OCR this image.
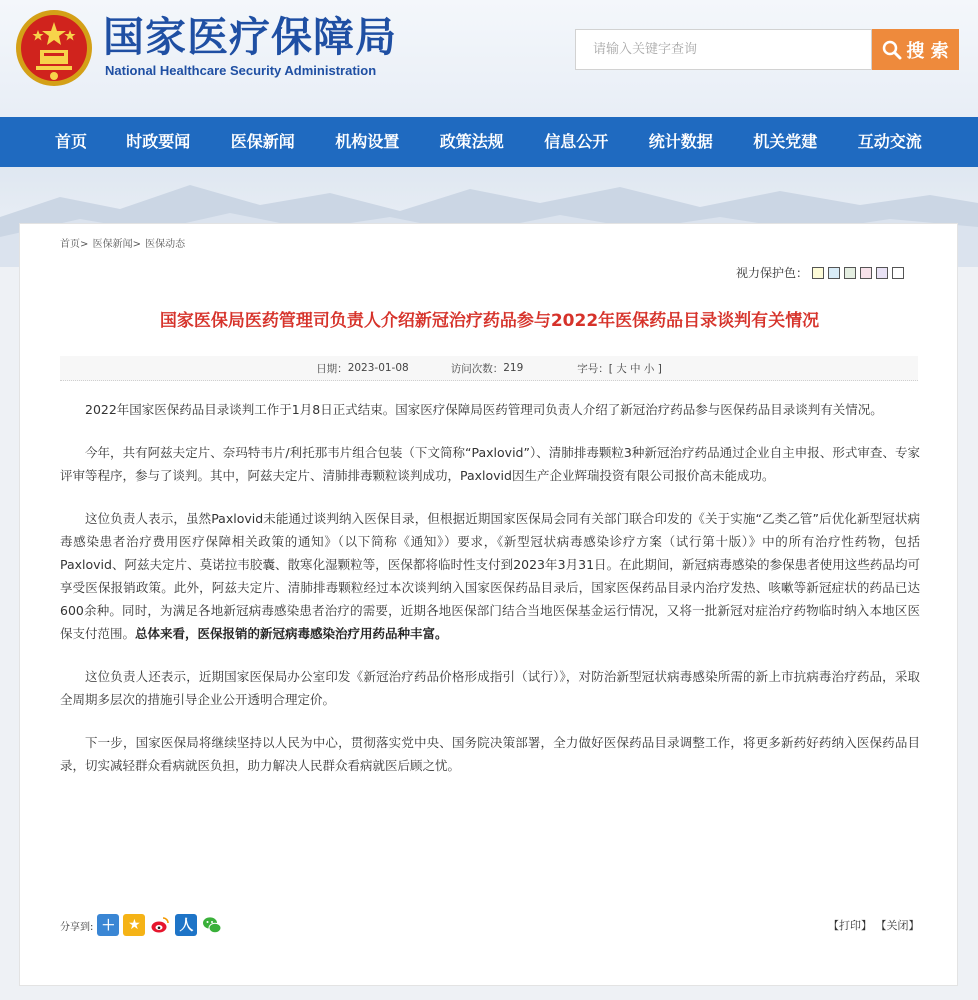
国家医疗保障局
National Healthcare Security Administration
请输入关键字查询
搜 索
首页	时政要闻	医保新闻	机构设置	政策法规	信息公开	统计数据	机关党建	互动交流
首页> 医保新闻> 医保动态
视力保护色：
国家医保局医药管理司负责人介绍新冠治疗药品参与2022年医保药品目录谈判有关情况
日期： 2023-01-08	访问次数： 219	字号： [ 大 中 小 ]

2022年国家医保药品目录谈判工作于1月8日正式结束。国家医疗保障局医药管理司负责人介绍了新冠治疗药品参与医保药品目录谈判有关情况。

今年，共有阿兹夫定片、奈玛特韦片/利托那韦片组合包装（下文简称“Paxlovid”）、清肺排毒颗粒3种新冠治疗药品通过企业自主申报、形式审查、专家评审等程序，参与了谈判。其中，阿兹夫定片、清肺排毒颗粒谈判成功，Paxlovid因生产企业辉瑞投资有限公司报价高未能成功。

这位负责人表示，虽然Paxlovid未能通过谈判纳入医保目录，但根据近期国家医保局会同有关部门联合印发的《关于实施“乙类乙管”后优化新型冠状病毒感染患者治疗费用医疗保障相关政策的通知》（以下简称《通知》）要求，《新型冠状病毒感染诊疗方案（试行第十版）》中的所有治疗性药物，包括Paxlovid、阿兹夫定片、莫诺拉韦胶囊、散寒化湿颗粒等，医保都将临时性支付到2023年3月31日。在此期间，新冠病毒感染的参保患者使用这些药品均可享受医保报销政策。此外，阿兹夫定片、清肺排毒颗粒经过本次谈判纳入国家医保药品目录后，国家医保药品目录内治疗发热、咳嗽等新冠症状的药品已达600余种。同时，为满足各地新冠病毒感染患者治疗的需要，近期各地医保部门结合当地医保基金运行情况，又将一批新冠对症治疗药物临时纳入本地区医保支付范围。总体来看，医保报销的新冠病毒感染治疗用药品种丰富。

这位负责人还表示，近期国家医保局办公室印发《新冠治疗药品价格形成指引（试行）》，对防治新型冠状病毒感染所需的新上市抗病毒治疗药品，采取全周期多层次的措施引导企业公开透明合理定价。

下一步，国家医保局将继续坚持以人民为中心，贯彻落实党中央、国务院决策部署，全力做好医保药品目录调整工作，将更多新药好药纳入医保药品目录，切实减轻群众看病就医负担，助力解决人民群众看病就医后顾之忧。

分享到: ＋ ★	人	【打印】 【关闭】
